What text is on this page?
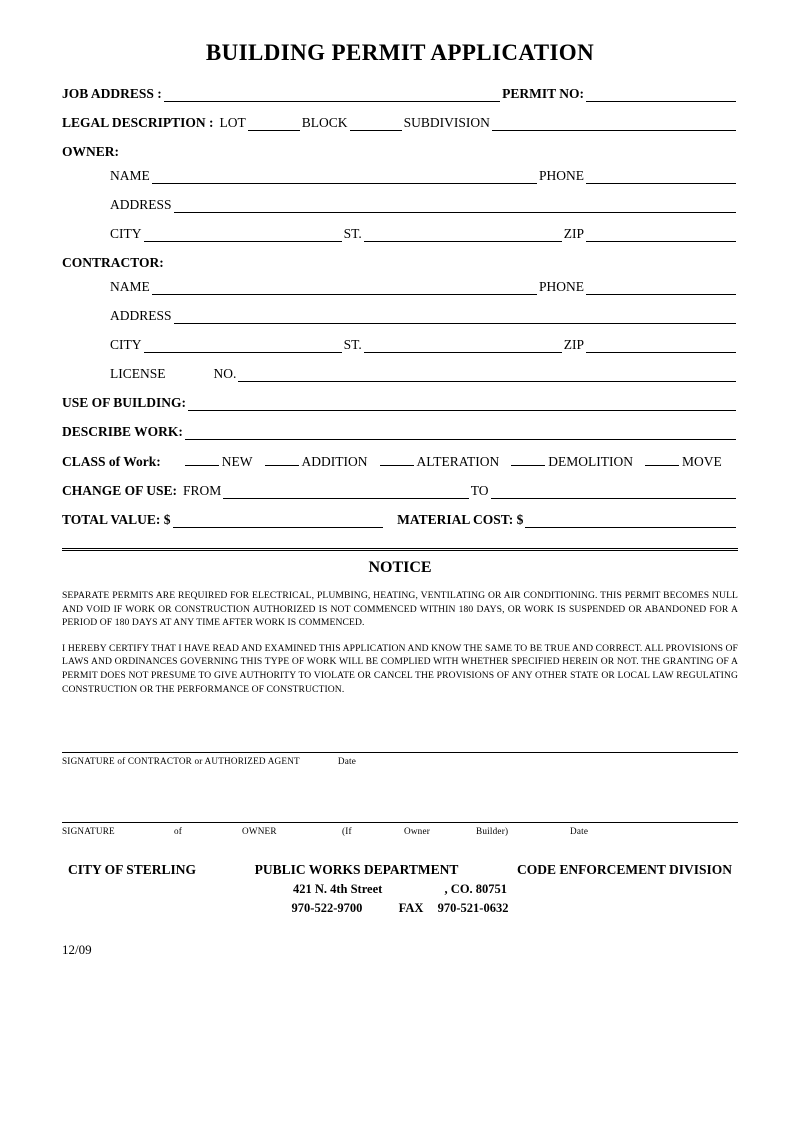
BUILDING PERMIT APPLICATION
JOB ADDRESS :	PERMIT NO:
LEGAL DESCRIPTION : LOT	BLOCK	SUBDIVISION
OWNER:
NAME	PHONE
ADDRESS
CITY	ST.	ZIP
CONTRACTOR:
NAME	PHONE
ADDRESS
CITY	ST.	ZIP
LICENSE	NO.
USE OF BUILDING:
DESCRIBE WORK:
CLASS of Work:	NEW	ADDITION	ALTERATION	DEMOLITION	MOVE
CHANGE OF USE: FROM	TO
TOTAL VALUE: $	MATERIAL COST: $
NOTICE
SEPARATE PERMITS ARE REQUIRED FOR ELECTRICAL, PLUMBING, HEATING, VENTILATING OR AIR CONDITIONING. THIS PERMIT BECOMES NULL AND VOID IF WORK OR CONSTRUCTION AUTHORIZED IS NOT COMMENCED WITHIN 180 DAYS, OR WORK IS SUSPENDED OR ABANDONED FOR A PERIOD OF 180 DAYS AT ANY TIME AFTER WORK IS COMMENCED.
I HEREBY CERTIFY THAT I HAVE READ AND EXAMINED THIS APPLICATION AND KNOW THE SAME TO BE TRUE AND CORRECT. ALL PROVISIONS OF LAWS AND ORDINANCES GOVERNING THIS TYPE OF WORK WILL BE COMPLIED WITH WHETHER SPECIFIED HEREIN OR NOT. THE GRANTING OF A PERMIT DOES NOT PRESUME TO GIVE AUTHORITY TO VIOLATE OR CANCEL THE PROVISIONS OF ANY OTHER STATE OR LOCAL LAW REGULATING CONSTRUCTION OR THE PERFORMANCE OF CONSTRUCTION.
SIGNATURE of CONTRACTOR or AUTHORIZED AGENT	Date
SIGNATURE	of	OWNER	(If	Owner	Builder)	Date
CITY OF STERLING	PUBLIC WORKS DEPARTMENT	CODE ENFORCEMENT DIVISION
421 N. 4th Street	, CO. 80751
970-522-9700	FAX 970-521-0632
12/09
